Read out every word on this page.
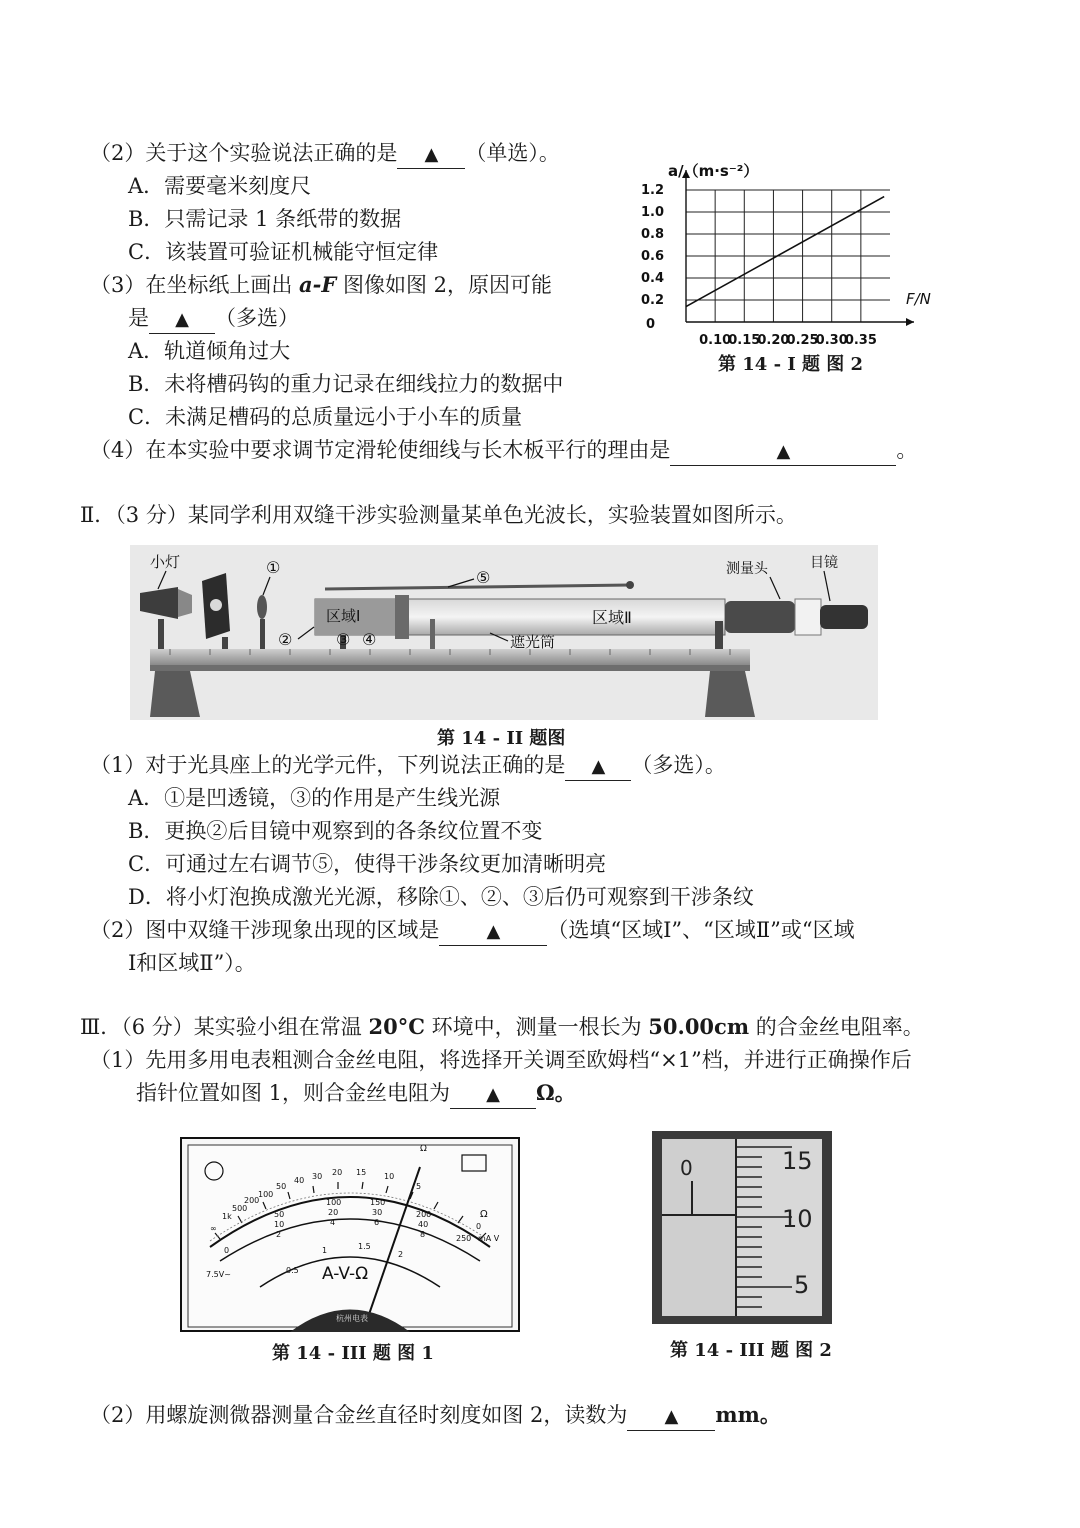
（2）关于这个实验说法正确的是 ▲ （单选）。
A．需要毫米刻度尺
B．只需记录 1 条纸带的数据
C．该装置可验证机械能守恒定律
（3）在坐标纸上画出 a-F 图像如图 2，原因可能
是 ▲ （多选）
A．轨道倾角过大
B．未将槽码钩的重力记录在细线拉力的数据中
C．未满足槽码的总质量远小于小车的质量
（4）在本实验中要求调节定滑轮使细线与长木板平行的理由是	▲	。
0.10
0.15
0.20
0.25
0.30
0.35
0.2
0.4
0.6
0.8
1.0
1.2
0
a/（m·s⁻²）
F/N
第 14 - I 题 图 2
Ⅱ．（3 分）某同学利用双缝干涉实验测量某单色光波长，实验装置如图所示。
小灯	①
②
⑤
区域Ⅰ
③ ④
区域Ⅱ
遮光筒
测量头	目镜
第 14 - II 题图
（1）对于光具座上的光学元件，下列说法正确的是 ▲ （多选）。
A．①是凹透镜，③的作用是产生线光源
B．更换②后目镜中观察到的各条纹位置不变
C．可通过左右调节⑤，使得干涉条纹更加清晰明亮
D．将小灯泡换成激光光源，移除①、②、③后仍可观察到干涉条纹
（2）图中双缝干涉现象出现的区域是	▲ （选填“区域Ⅰ”、“区域Ⅱ”或“区域
Ⅰ和区域Ⅱ”）。
Ⅲ．（6 分）某实验小组在常温 20°C 环境中，测量一根长为 50.00cm 的合金丝电阻率。
（1）先用多用电表粗测合金丝电阻，将选择开关调至欧姆档“×1”档，并进行正确操作后
指针位置如图 1，则合金丝电阻为 ▲ Ω。
∞
1k
500
200
100
50
40 30 20 15 10
5
0
0
50
100	150
200
250
10
20	30
40
2
4	6
8
7.5V~	0.5
1	1.5
2
Ω
mA V
Ω
A-V-Ω
杭州电表
第 14 - III 题 图 1
0	15
10
5
第 14 - III 题 图 2
（2）用螺旋测微器测量合金丝直径时刻度如图 2，读数为 ▲ mm。
